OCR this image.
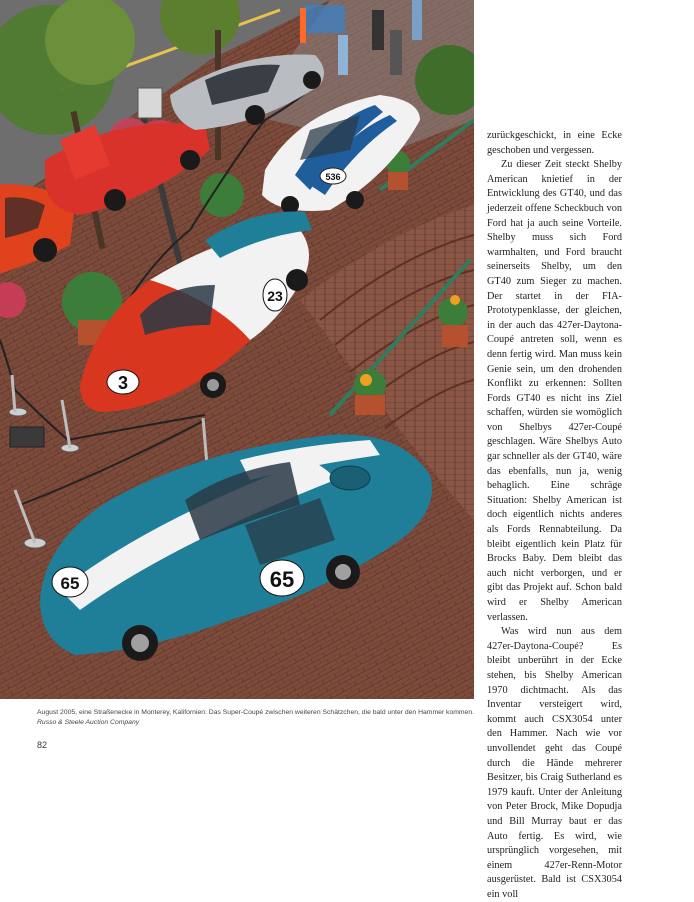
536
3
23
65	65
August 2005, eine Straßenecke in Monterey, Kalifornien: Das Super-Coupé zwischen weiteren Schätzchen, die bald unter den Hammer kommen.
Russo & Steele Auction Company
82

zurückgeschickt, in eine Ecke geschoben und vergessen.

Zu dieser Zeit steckt Shelby American knietief in der Entwicklung des GT40, und das jederzeit offene Scheckbuch von Ford hat ja auch seine Vorteile. Shelby muss sich Ford warmhalten, und Ford braucht seinerseits Shelby, um den GT40 zum Sieger zu machen. Der startet in der FIA-Prototypenklasse, der gleichen, in der auch das 427er-Daytona-Coupé antreten soll, wenn es denn fertig wird. Man muss kein Genie sein, um den drohenden Konflikt zu erkennen: Sollten Fords GT40 es nicht ins Ziel schaffen, würden sie womöglich von Shelbys 427er-Coupé geschlagen. Wäre Shelbys Auto gar schneller als der GT40, wäre das ebenfalls, nun ja, wenig behaglich. Eine schräge Situation: Shelby American ist doch eigentlich nichts anderes als Fords Rennabteilung. Da bleibt eigentlich kein Platz für Brocks Baby. Dem bleibt das auch nicht verborgen, und er gibt das Projekt auf. Schon bald wird er Shelby American verlassen.

Was wird nun aus dem 427er-Daytona-Coupé? Es bleibt unberührt in der Ecke stehen, bis Shelby American 1970 dichtmacht. Als das Inventar versteigert wird, kommt auch CSX3054 unter den Hammer. Nach wie vor unvollendet geht das Coupé durch die Hände mehrerer Besitzer, bis Craig Sutherland es 1979 kauft. Unter der Anleitung von Peter Brock, Mike Dopudja und Bill Murray baut er das Auto fertig. Es wird, wie ursprünglich vorgesehen, mit einem 427er-Renn-Motor ausgerüstet. Bald ist CSX3054 ein voll
